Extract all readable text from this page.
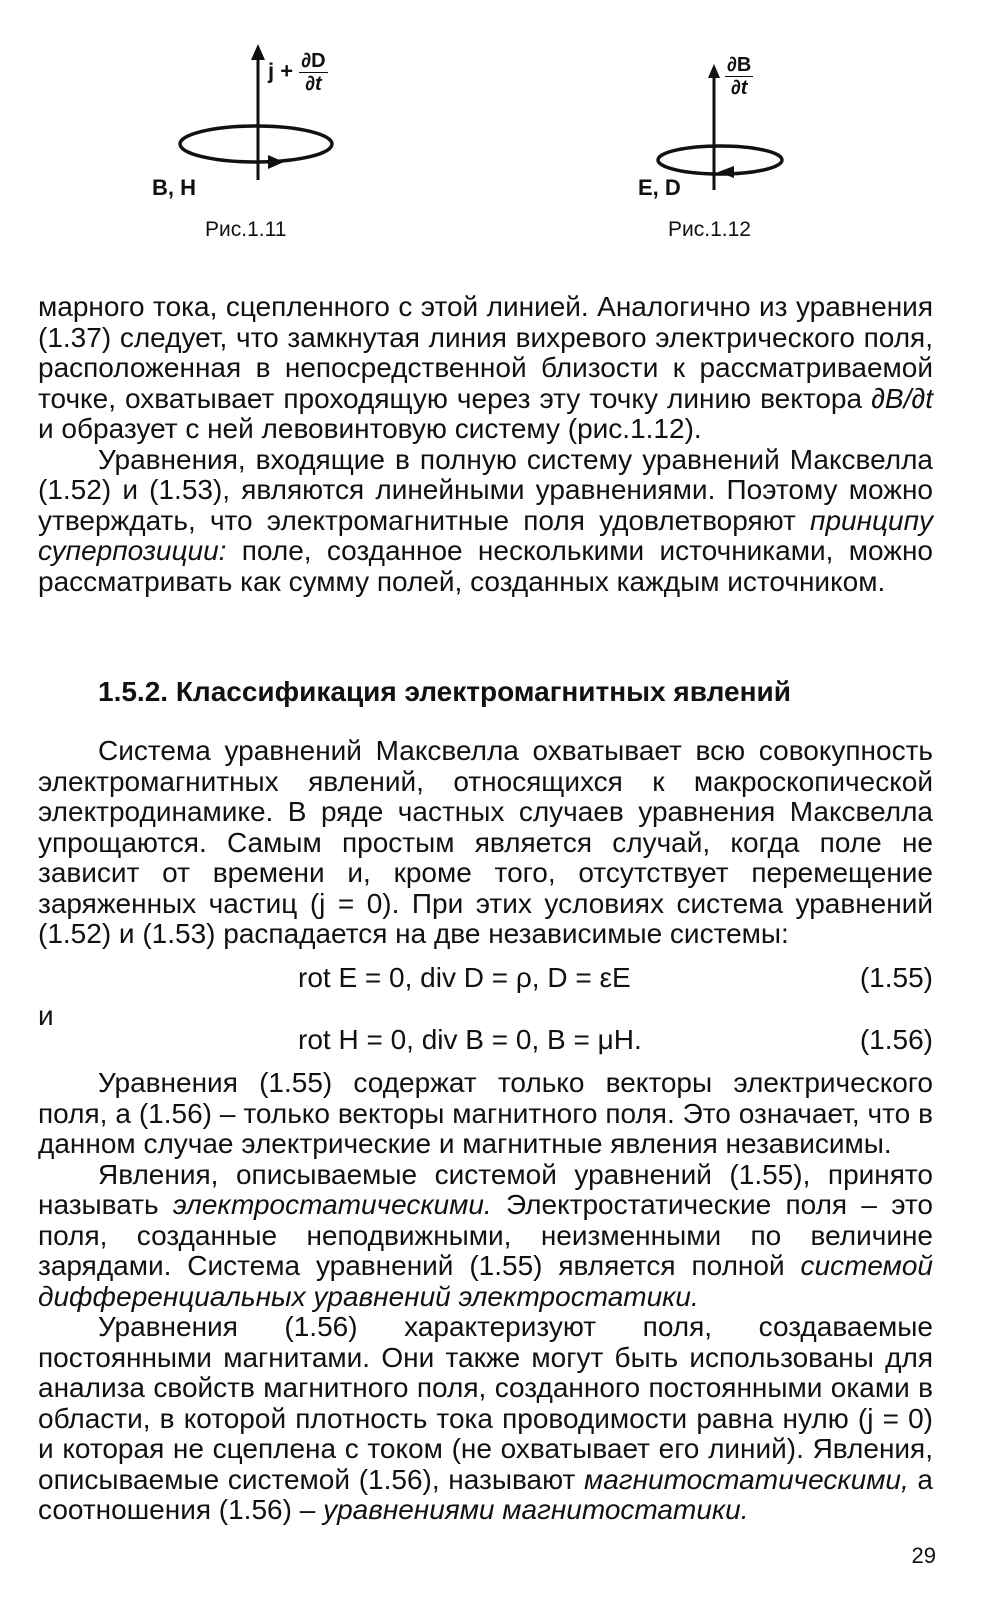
$j + \frac{\partial D}{\partial t}$
B, H
Рис.1.11
$\frac{\partial B}{\partial t}$
E, D
Рис.1.12

марного тока, сцепленного с этой линией. Аналогично из уравнения (1.37) следует, что замкнутая линия вихревого электрического поля, расположенная в непосредственной близости к рассматриваемой точке, охватывает проходящую через эту точку линию вектора ∂B/∂t и образует с ней левовинтовую систему (рис.1.12).

Уравнения, входящие в полную систему уравнений Максвелла (1.52) и (1.53), являются линейными уравнениями. Поэтому можно утверждать, что электромагнитные поля удовлетворяют принципу суперпозиции: поле, созданное несколькими источниками, можно рассматривать как сумму полей, созданных каждым источником.

1.5.2. Классификация электромагнитных явлений

Система уравнений Максвелла охватывает всю совокупность электромагнитных явлений, относящихся к макроскопической электродинамике. В ряде частных случаев уравнения Максвелла упрощаются. Самым простым является случай, когда поле не зависит от времени и, кроме того, отсутствует перемещение заряженных частиц (j = 0). При этих условиях система уравнений (1.52) и (1.53) распадается на две независимые системы:

rot E = 0, div D = ρ, D = εE	(1.55)
и
rot H = 0, div B = 0, B = μH.	(1.56)

Уравнения (1.55) содержат только векторы электрического поля, а (1.56) – только векторы магнитного поля. Это означает, что в данном случае электрические и магнитные явления независимы.

Явления, описываемые системой уравнений (1.55), принято называть электростатическими. Электростатические поля – это поля, созданные неподвижными, неизменными по величине зарядами. Система уравнений (1.55) является полной системой дифференциальных уравнений электростатики.

Уравнения (1.56) характеризуют поля, создаваемые постоянными магнитами. Они также могут быть использованы для анализа свойств магнитного поля, созданного постоянными оками в области, в которой плотность тока проводимости равна нулю (j = 0) и которая не сцеплена с током (не охватывает его линий). Явления, описываемые системой (1.56), называют магнитостатическими, а соотношения (1.56) – уравнениями магнитостатики.

29
